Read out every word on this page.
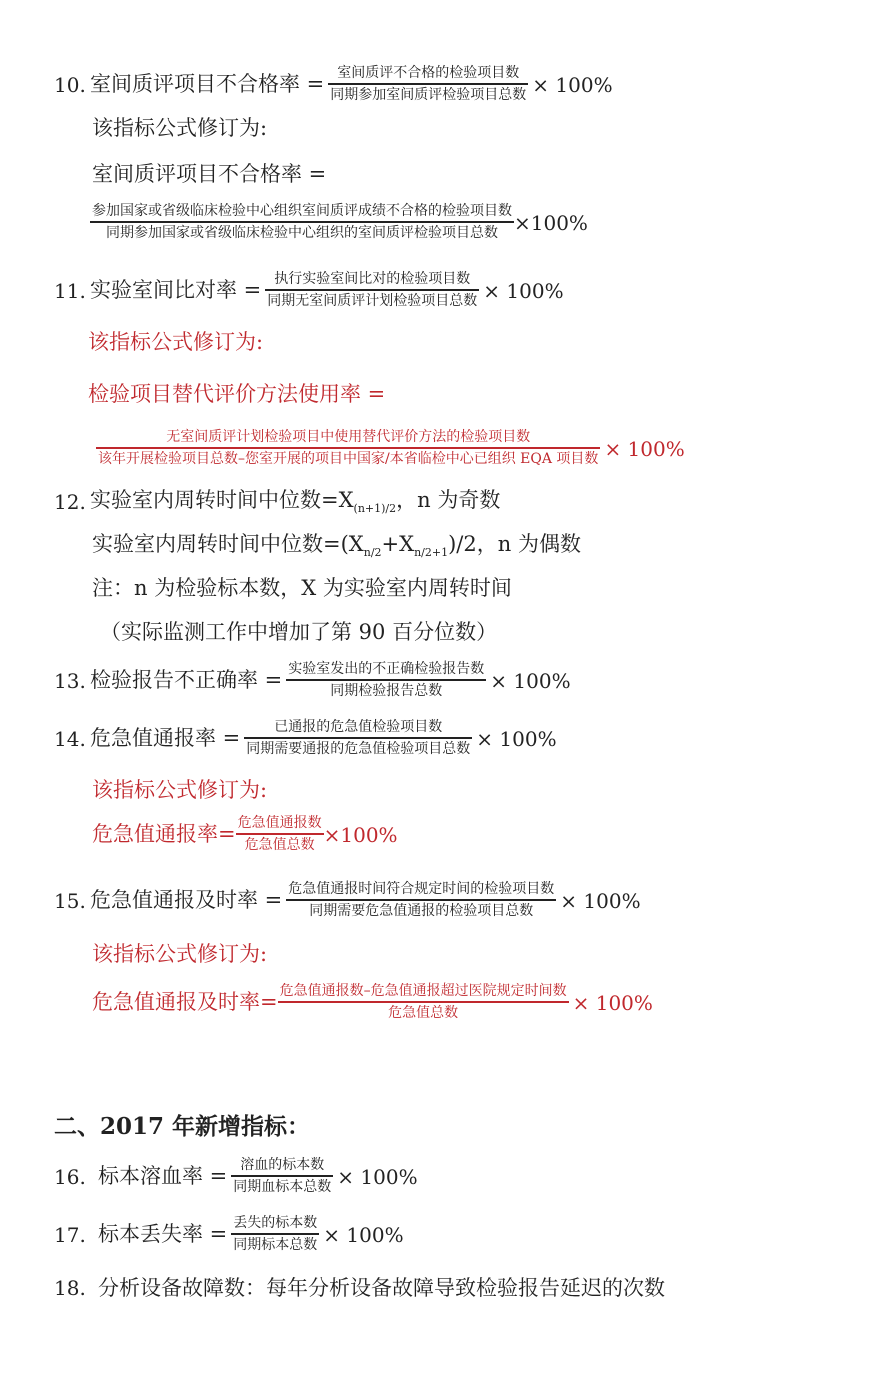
10. 室间质评项目不合格率 = $\frac{\text{室间质评不合格的检验项目数}}{\text{同期参加室间质评检验项目总数}} \times 100\%$
该指标公式修订为:
室间质评项目不合格率 =
$\frac{\text{参加国家或省级临床检验中心组织室间质评成绩不合格的检验项目数}}{\text{同期参加国家或省级临床检验中心组织的室间质评检验项目总数}} \times 100\%$
11. 实验室间比对率 = $\frac{\text{执行实验室间比对的检验项目数}}{\text{同期无室间质评计划检验项目总数}} \times 100\%$
该指标公式修订为:
检验项目替代评价方法使用率 =
$\frac{\text{无室间质评计划检验项目中使用替代评价方法的检验项目数}}{\text{该年开展检验项目总数–您室开展的项目中国家/本省临检中心已组织 EQA 项目数}} \times 100\%$
12. 实验室内周转时间中位数$=X_{(n+1)/2}$，n 为奇数
实验室内周转时间中位数$=(X_{n/2}+X_{n/2+1})/2$，n 为偶数
注：n 为检验标本数，X 为实验室内周转时间
（实际监测工作中增加了第 90 百分位数）
13. 检验报告不正确率 = $\frac{\text{实验室发出的不正确检验报告数}}{\text{同期检验报告总数}} \times 100\%$
14. 危急值通报率 = $\frac{\text{已通报的危急值检验项目数}}{\text{同期需要通报的危急值检验项目总数}} \times 100\%$
该指标公式修订为:
危急值通报率= $\frac{\text{危急值通报数}}{\text{危急值总数}} \times 100\%$
15. 危急值通报及时率 = $\frac{\text{危急值通报时间符合规定时间的检验项目数}}{\text{同期需要危急值通报的检验项目总数}} \times 100\%$
该指标公式修订为:
危急值通报及时率= $\frac{\text{危急值通报数–危急值通报超过医院规定时间数}}{\text{危急值总数}} \times 100\%$
二、2017 年新增指标：
16. 标本溶血率 = $\frac{\text{溶血的标本数}}{\text{同期血标本总数}} \times 100\%$
17. 标本丢失率 = $\frac{\text{丢失的标本数}}{\text{同期标本总数}} \times 100\%$
18. 分析设备故障数：每年分析设备故障导致检验报告延迟的次数
